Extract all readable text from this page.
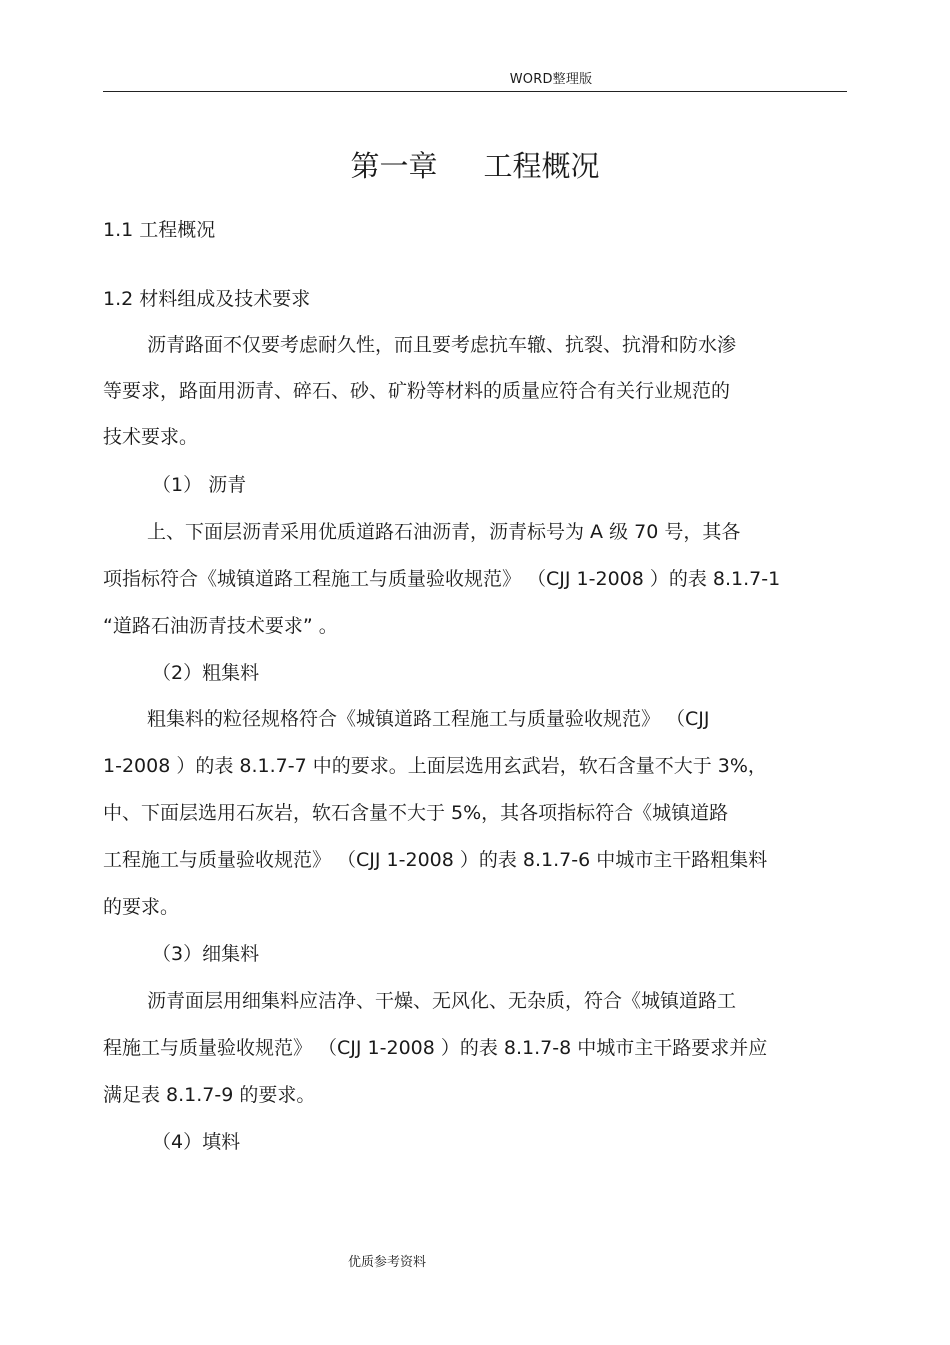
WORD整理版
第一章 工程概况
1.1 工程概况
1.2 材料组成及技术要求
沥青路面不仅要考虑耐久性，而且要考虑抗车辙、抗裂、抗滑和防水渗
等要求，路面用沥青、碎石、砂、矿粉等材料的质量应符合有关行业规范的
技术要求。
（1） 沥青
上、下面层沥青采用优质道路石油沥青，沥青标号为 A 级 70 号，其各
项指标符合《城镇道路工程施工与质量验收规范》 （CJJ 1-2008 ）的表 8.1.7-1
“道路石油沥青技术要求” 。
（2）粗集料
粗集料的粒径规格符合《城镇道路工程施工与质量验收规范》 （CJJ
1-2008 ）的表 8.1.7-7 中的要求。上面层选用玄武岩，软石含量不大于 3%，
中、下面层选用石灰岩，软石含量不大于 5%，其各项指标符合《城镇道路
工程施工与质量验收规范》 （CJJ 1-2008 ）的表 8.1.7-6 中城市主干路粗集料
的要求。
（3）细集料
沥青面层用细集料应洁净、干燥、无风化、无杂质，符合《城镇道路工
程施工与质量验收规范》 （CJJ 1-2008 ）的表 8.1.7-8 中城市主干路要求并应
满足表 8.1.7-9 的要求。
（4）填料
优质参考资料
